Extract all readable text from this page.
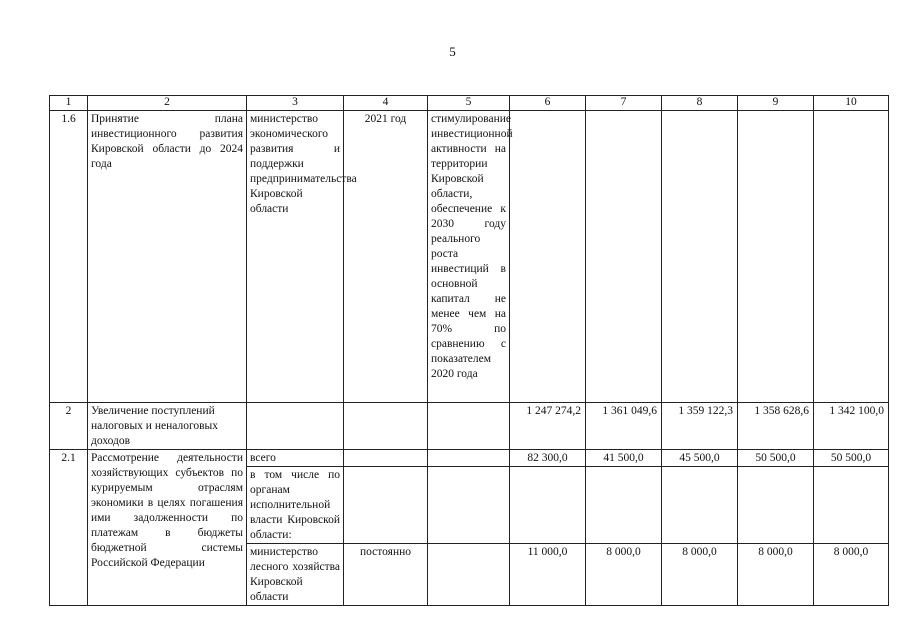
5
1	2	3	4	5	6	7	8	9	10
1.6	Принятие плана инвестиционного развития Кировской области до 2024 года	министерство экономического развития и поддержки предпринимательства Кировской области	2021 год	стимулирование инвестиционной активности на территории Кировской области, обеспечение к 2030 году реального роста инвестиций в основной капитал не менее чем на 70% по сравнению с показателем 2020 года					
2	Увеличение поступлений налоговых и неналоговых доходов				1 247 274,2	1 361 049,6	1 359 122,3	1 358 628,6	1 342 100,0
2.1	Рассмотрение деятельности хозяйствующих субъектов по курируемым отраслям экономики в целях погашения ими задолженности по платежам в бюджеты бюджетной системы Российской Федерации	всего			82 300,0	41 500,0	45 500,0	50 500,0	50 500,0
		в том числе по органам исполнительной власти Кировской области:							
		министерство лесного хозяйства Кировской области	постоянно		11 000,0	8 000,0	8 000,0	8 000,0	8 000,0
